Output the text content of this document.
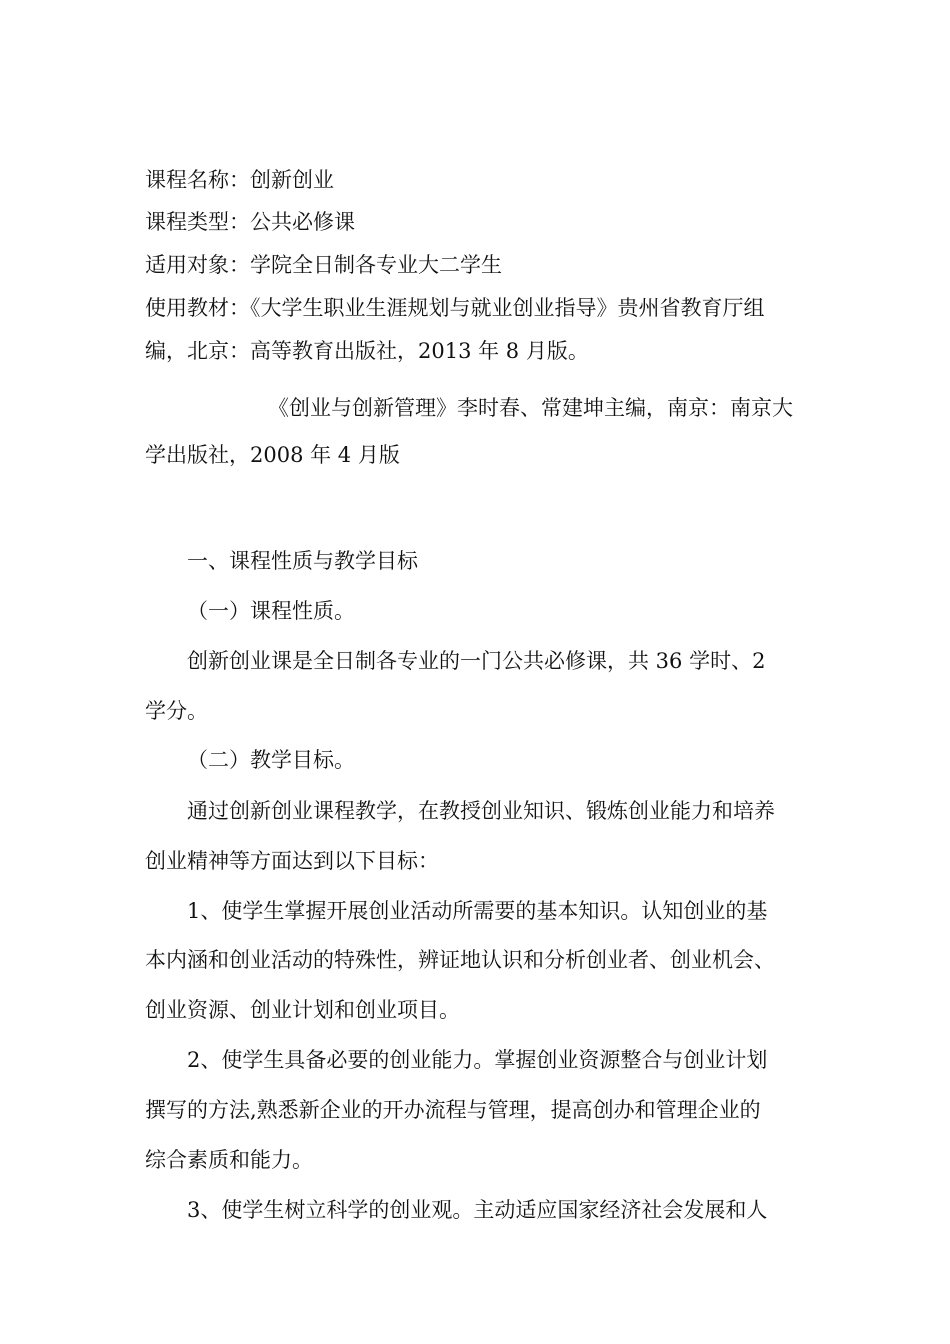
课程名称：创新创业
课程类型：公共必修课
适用对象：学院全日制各专业大二学生
使用教材：《大学生职业生涯规划与就业创业指导》贵州省教育厅组
编，北京：高等教育出版社，2013 年 8 月版。
《创业与创新管理》李时春、常建坤主编，南京：南京大
学出版社，2008 年 4 月版
一、课程性质与教学目标
（一）课程性质。
创新创业课是全日制各专业的一门公共必修课，共 36 学时、2
学分。
（二）教学目标。
通过创新创业课程教学，在教授创业知识、锻炼创业能力和培养
创业精神等方面达到以下目标：
1、使学生掌握开展创业活动所需要的基本知识。认知创业的基
本内涵和创业活动的特殊性，辨证地认识和分析创业者、创业机会、
创业资源、创业计划和创业项目。
2、使学生具备必要的创业能力。掌握创业资源整合与创业计划
撰写的方法,熟悉新企业的开办流程与管理，提高创办和管理企业的
综合素质和能力。
3、使学生树立科学的创业观。主动适应国家经济社会发展和人
